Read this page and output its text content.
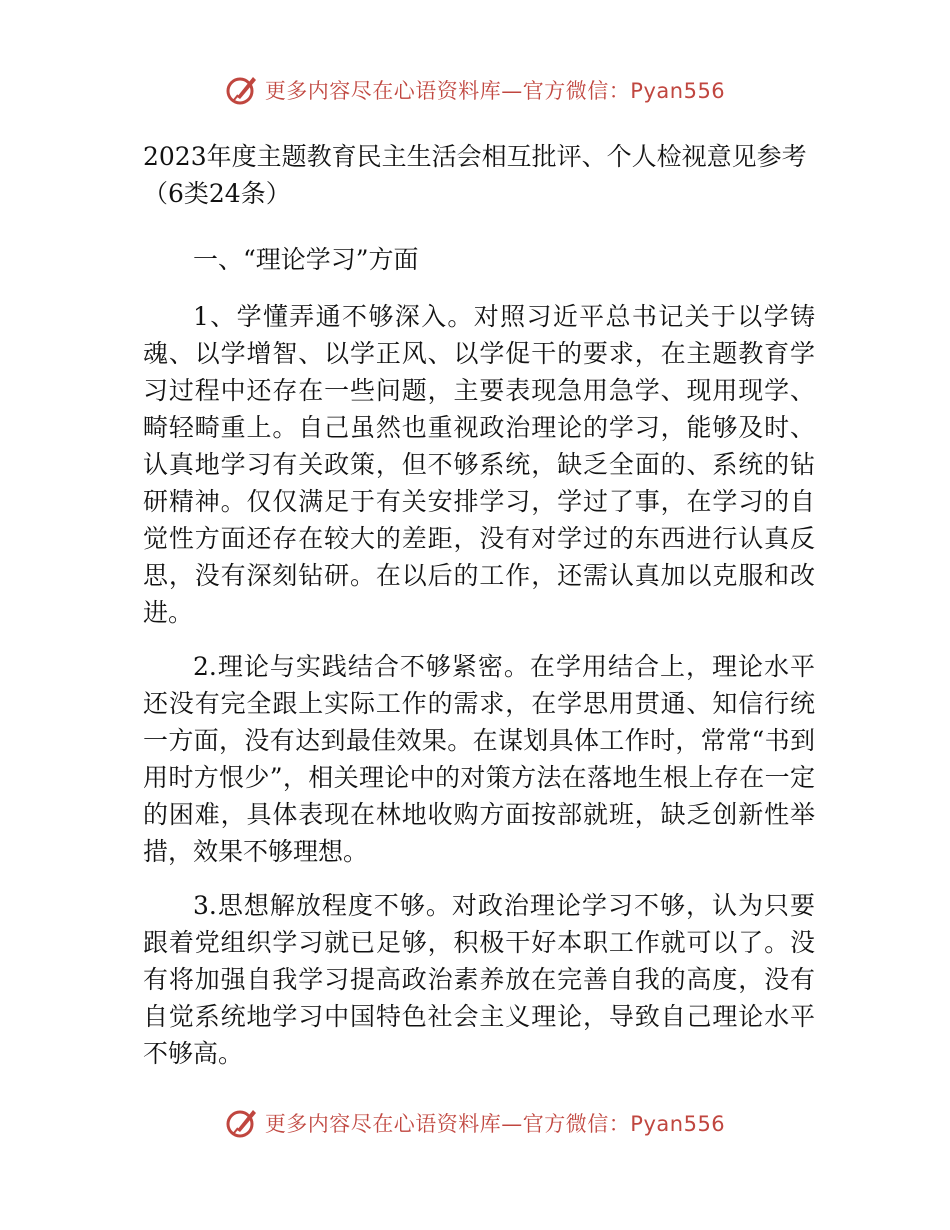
更多内容尽在心语资料库—官方微信：Pyan556

2023年度主题教育民主生活会相互批评、个人检视意见参考（6类24条）

一、“理论学习”方面

1、学懂弄通不够深入。对照习近平总书记关于以学铸魂、以学增智、以学正风、以学促干的要求，在主题教育学习过程中还存在一些问题，主要表现急用急学、现用现学、畸轻畸重上。自己虽然也重视政治理论的学习，能够及时、认真地学习有关政策，但不够系统，缺乏全面的、系统的钻研精神。仅仅满足于有关安排学习，学过了事，在学习的自觉性方面还存在较大的差距，没有对学过的东西进行认真反思，没有深刻钻研。在以后的工作，还需认真加以克服和改进。

2.理论与实践结合不够紧密。在学用结合上，理论水平还没有完全跟上实际工作的需求，在学思用贯通、知信行统一方面，没有达到最佳效果。在谋划具体工作时，常常“书到用时方恨少”，相关理论中的对策方法在落地生根上存在一定的困难，具体表现在林地收购方面按部就班，缺乏创新性举措，效果不够理想。

3.思想解放程度不够。对政治理论学习不够，认为只要跟着党组织学习就已足够，积极干好本职工作就可以了。没有将加强自我学习提高政治素养放在完善自我的高度，没有自觉系统地学习中国特色社会主义理论，导致自己理论水平不够高。

更多内容尽在心语资料库—官方微信：Pyan556
